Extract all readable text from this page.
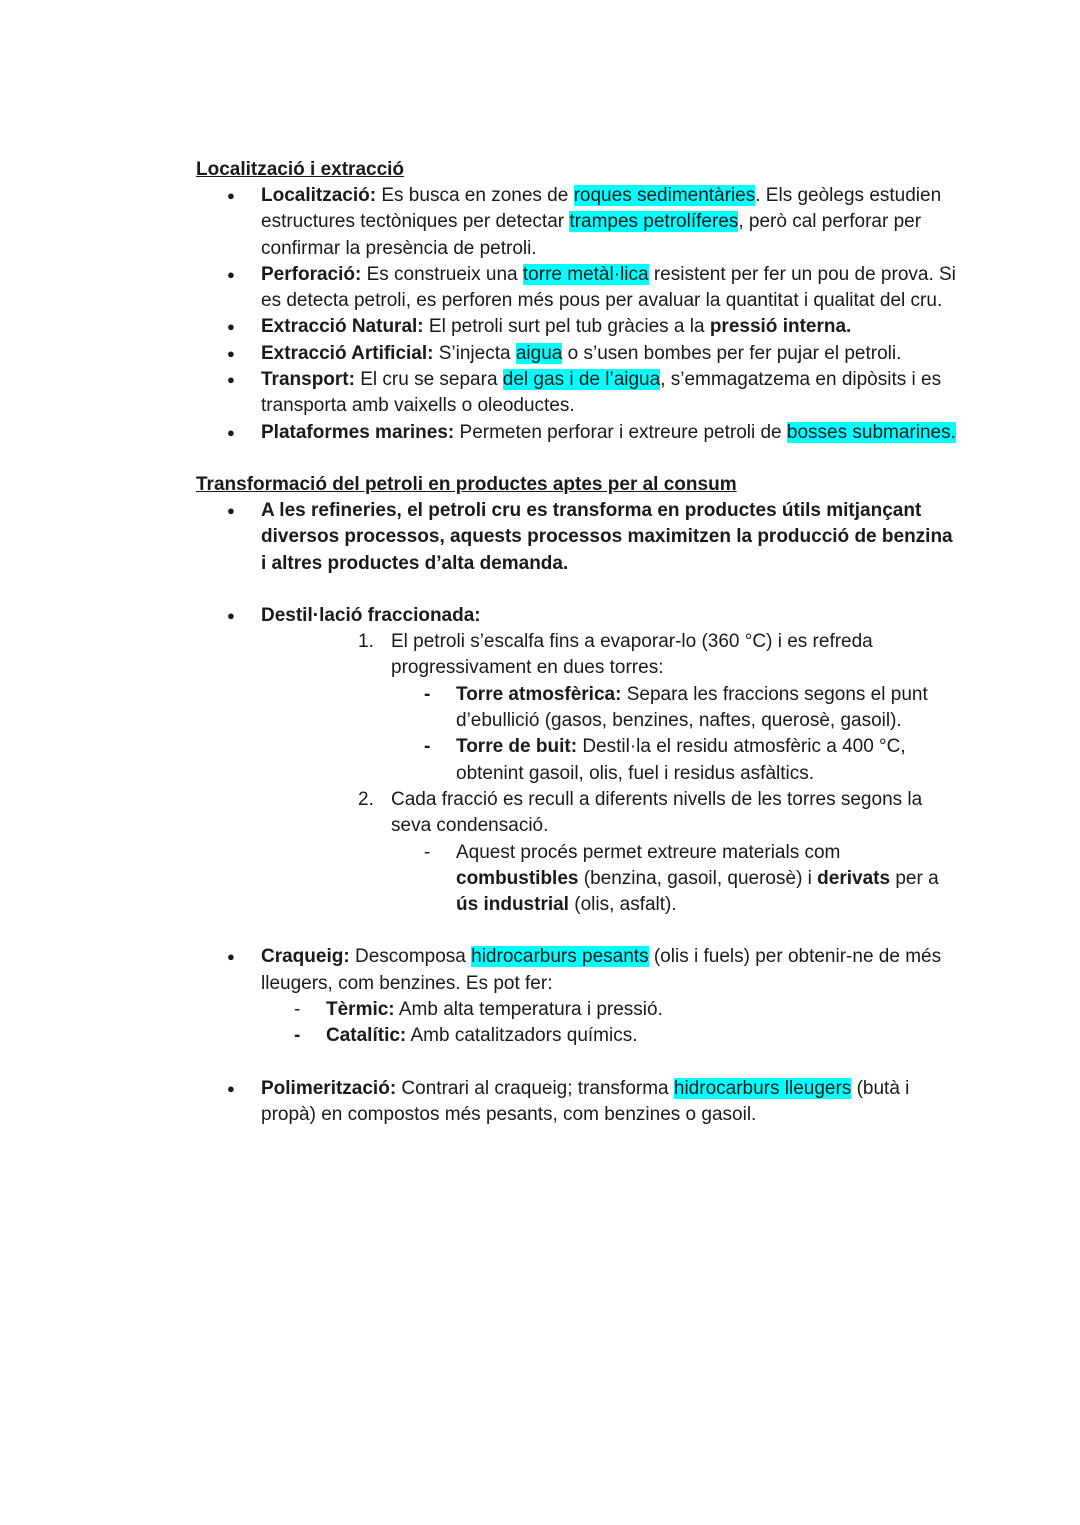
Localització i extracció

● Localització: Es busca en zones de roques sedimentàries. Els geòlegs estudien estructures tectòniques per detectar trampes petrolíferes, però cal perforar per confirmar la presència de petroli.
● Perforació: Es construeix una torre metàl·lica resistent per fer un pou de prova. Si es detecta petroli, es perforen més pous per avaluar la quantitat i qualitat del cru.
● Extracció Natural: El petroli surt pel tub gràcies a la pressió interna.
● Extracció Artificial: S’injecta aigua o s’usen bombes per fer pujar el petroli.
● Transport: El cru se separa del gas i de l’aigua, s’emmagatzema en dipòsits i es transporta amb vaixells o oleoductes.
● Plataformes marines: Permeten perforar i extreure petroli de bosses submarines.

Transformació del petroli en productes aptes per al consum

● A les refineries, el petroli cru es transforma en productes útils mitjançant diversos processos, aquests processos maximitzen la producció de benzina i altres productes d’alta demanda.
● Destil·lació fraccionada:
1. El petroli s’escalfa fins a evaporar-lo (360 °C) i es refreda progressivament en dues torres:
- Torre atmosfèrica: Separa les fraccions segons el punt d’ebullició (gasos, benzines, naftes, querosè, gasoil).
- Torre de buit: Destil·la el residu atmosfèric a 400 °C, obtenint gasoil, olis, fuel i residus asfàltics.
2. Cada fracció es recull a diferents nivells de les torres segons la seva condensació.
- Aquest procés permet extreure materials com combustibles (benzina, gasoil, querosè) i derivats per a ús industrial (olis, asfalt).
● Craqueig: Descomposa hidrocarburs pesants (olis i fuels) per obtenir-ne de més lleugers, com benzines. Es pot fer:
- Tèrmic: Amb alta temperatura i pressió.
- Catalític: Amb catalitzadors químics.
● Polimerització: Contrari al craqueig; transforma hidrocarburs lleugers (butà i propà) en compostos més pesants, com benzines o gasoil.
